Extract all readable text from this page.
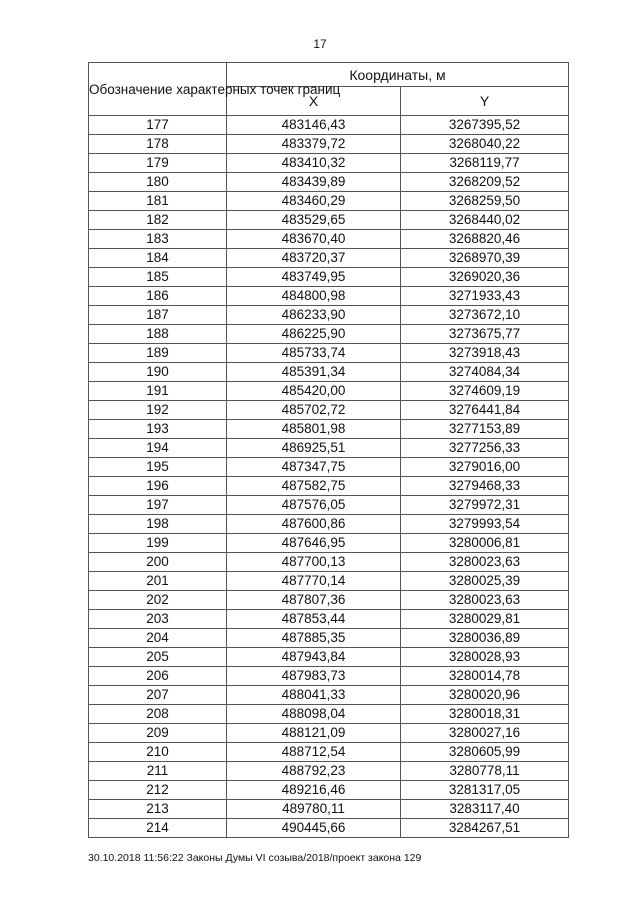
17
Обозначение характерных точек границ	Координаты, м	
	X	Y
177	483146,43	3267395,52
178	483379,72	3268040,22
179	483410,32	3268119,77
180	483439,89	3268209,52
181	483460,29	3268259,50
182	483529,65	3268440,02
183	483670,40	3268820,46
184	483720,37	3268970,39
185	483749,95	3269020,36
186	484800,98	3271933,43
187	486233,90	3273672,10
188	486225,90	3273675,77
189	485733,74	3273918,43
190	485391,34	3274084,34
191	485420,00	3274609,19
192	485702,72	3276441,84
193	485801,98	3277153,89
194	486925,51	3277256,33
195	487347,75	3279016,00
196	487582,75	3279468,33
197	487576,05	3279972,31
198	487600,86	3279993,54
199	487646,95	3280006,81
200	487700,13	3280023,63
201	487770,14	3280025,39
202	487807,36	3280023,63
203	487853,44	3280029,81
204	487885,35	3280036,89
205	487943,84	3280028,93
206	487983,73	3280014,78
207	488041,33	3280020,96
208	488098,04	3280018,31
209	488121,09	3280027,16
210	488712,54	3280605,99
211	488792,23	3280778,11
212	489216,46	3281317,05
213	489780,11	3283117,40
214	490445,66	3284267,51
30.10.2018 11:56:22 Законы Думы VI созыва/2018/проект закона 129
